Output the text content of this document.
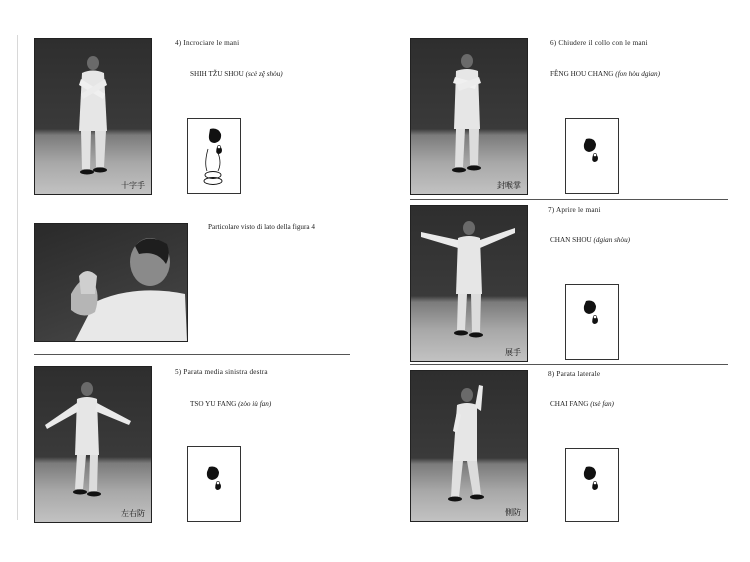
十字手
4) Incrociare le mani
SHIH TŽU SHOU (scè zḝ shòu)
Particolare visto di lato della figura 4
左右防
5) Parata media sinistra destra
TSO YU FANG (zòo iù fan)
封喉掌
6) Chiudere il collo con le mani
FÊNG HOU CHANG (fon hòu dgian)
展手
7) Aprire le mani
CHAN SHOU (dgian shòu)
側防
8) Parata laterale
CHAI FANG (tsè fan)
